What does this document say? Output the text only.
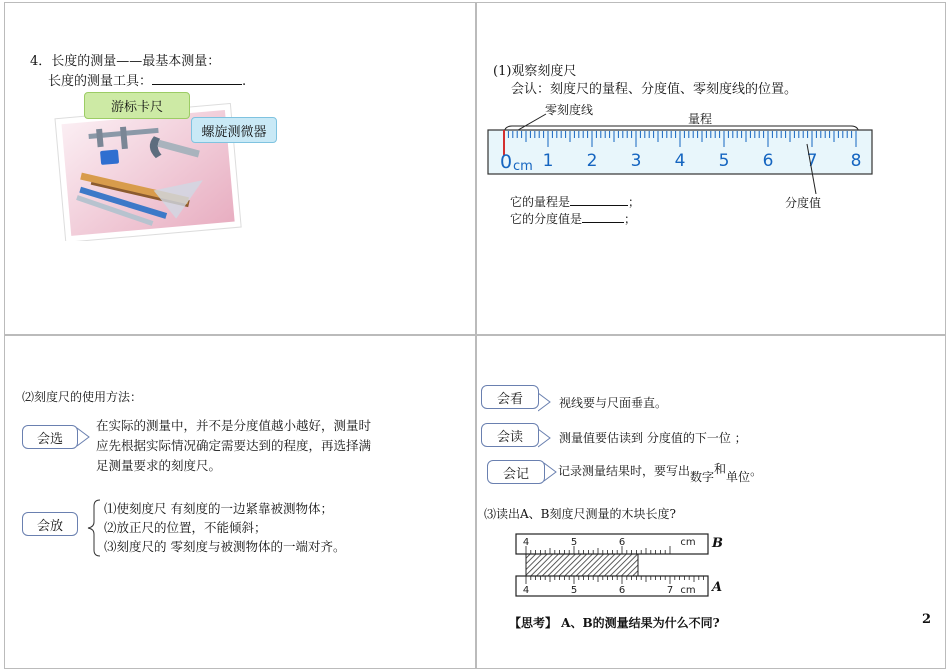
4．长度的测量——最基本测量：
长度的测量工具：	.
游标卡尺
螺旋测微器
(1)观察刻度尺
会认：刻度尺的量程、分度值、零刻度线的位置。
零刻度线
量程
0 cm 1 2 3 4 5 6 7 8
分度值
它的量程是	；
它的分度值是	；
⑵刻度尺的使用方法：
会选
在实际的测量中，并不是分度值越小越好，测量时
应先根据实际情况确定需要达到的程度，再选择满
足测量要求的刻度尺。
会放
⑴使刻度尺 有刻度的一边紧靠被测物体；
⑵放正尺的位置，不能倾斜；
⑶刻度尺的 零刻度与被测物体的一端对齐。
会看	视线要与尺面垂直。
会读	测量值要估读到 分度值的下一位 ；
会记	记录测量结果时，要写出数字和单位。
⑶读出A、B刻度尺测量的木块长度?
4	5	6	cm
4	5	6	7 cm
B
A
【思考】 A、B的测量结果为什么不同?	2
